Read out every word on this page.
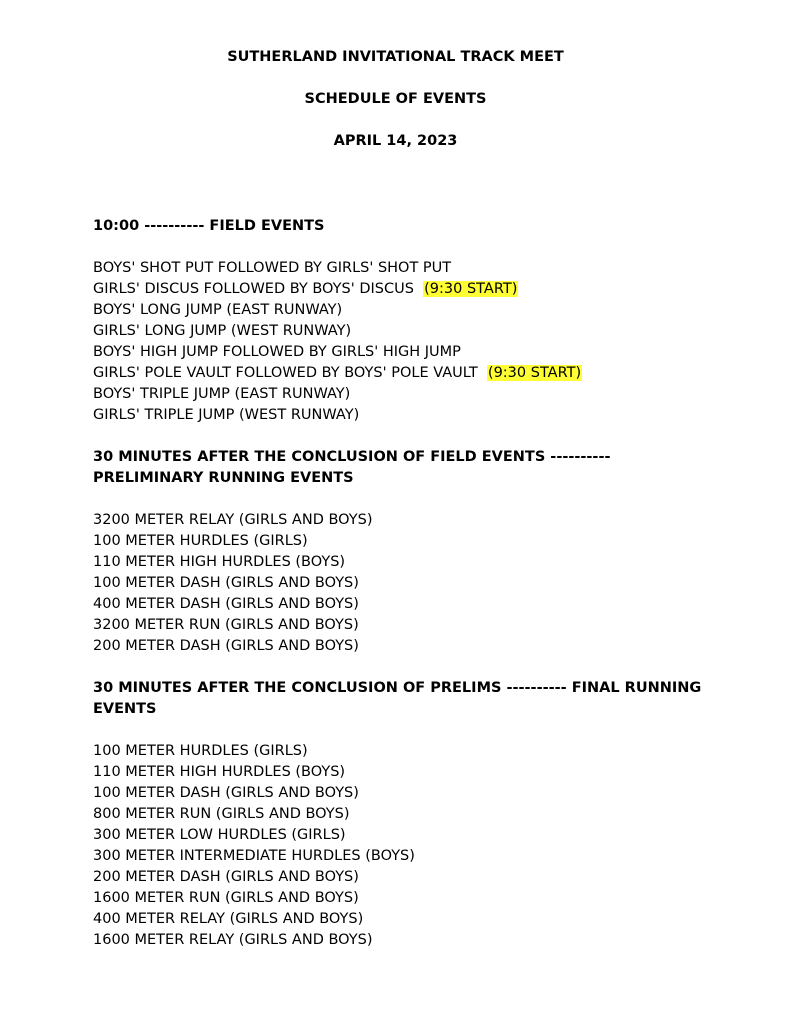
SUTHERLAND INVITATIONAL TRACK MEET
SCHEDULE OF EVENTS
APRIL 14, 2023

10:00 ---------- FIELD EVENTS

BOYS' SHOT PUT FOLLOWED BY GIRLS' SHOT PUT
GIRLS' DISCUS FOLLOWED BY BOYS' DISCUS (9:30 START)
BOYS' LONG JUMP (EAST RUNWAY)
GIRLS' LONG JUMP (WEST RUNWAY)
BOYS' HIGH JUMP FOLLOWED BY GIRLS' HIGH JUMP
GIRLS' POLE VAULT FOLLOWED BY BOYS' POLE VAULT (9:30 START)
BOYS' TRIPLE JUMP (EAST RUNWAY)
GIRLS' TRIPLE JUMP (WEST RUNWAY)

30 MINUTES AFTER THE CONCLUSION OF FIELD EVENTS ---------- PRELIMINARY RUNNING EVENTS

3200 METER RELAY (GIRLS AND BOYS)
100 METER HURDLES (GIRLS)
110 METER HIGH HURDLES (BOYS)
100 METER DASH (GIRLS AND BOYS)
400 METER DASH (GIRLS AND BOYS)
3200 METER RUN (GIRLS AND BOYS)
200 METER DASH (GIRLS AND BOYS)

30 MINUTES AFTER THE CONCLUSION OF PRELIMS ---------- FINAL RUNNING EVENTS

100 METER HURDLES (GIRLS)
110 METER HIGH HURDLES (BOYS)
100 METER DASH (GIRLS AND BOYS)
800 METER RUN (GIRLS AND BOYS)
300 METER LOW HURDLES (GIRLS)
300 METER INTERMEDIATE HURDLES (BOYS)
200 METER DASH (GIRLS AND BOYS)
1600 METER RUN (GIRLS AND BOYS)
400 METER RELAY (GIRLS AND BOYS)
1600 METER RELAY (GIRLS AND BOYS)
